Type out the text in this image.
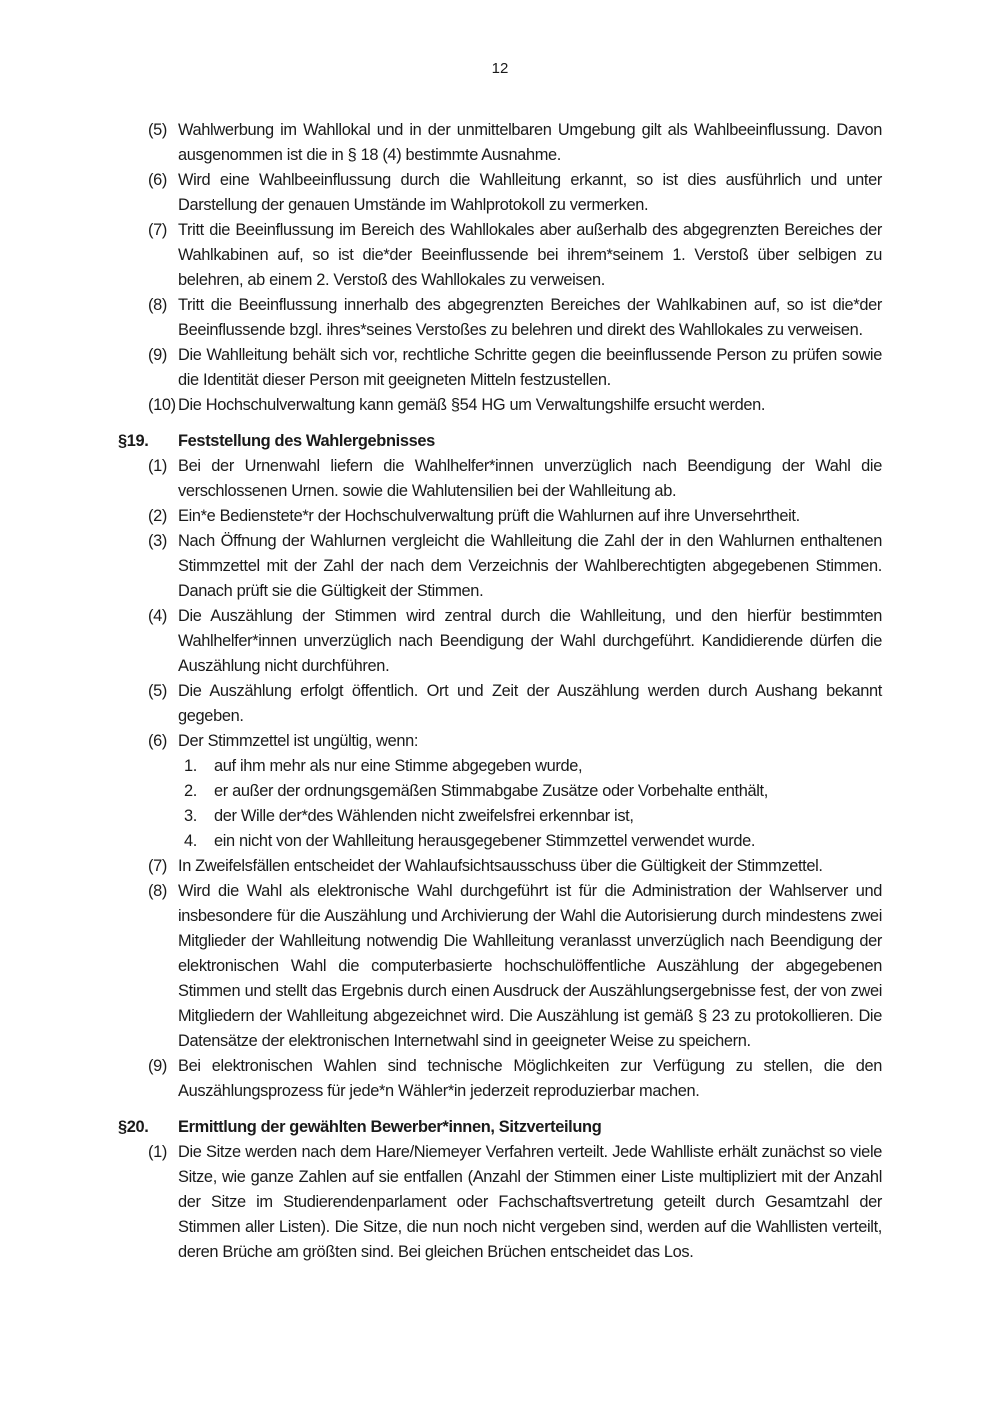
12
(5) Wahlwerbung im Wahllokal und in der unmittelbaren Umgebung gilt als Wahlbeeinflussung. Davon ausgenommen ist die in § 18 (4) bestimmte Ausnahme.
(6) Wird eine Wahlbeeinflussung durch die Wahlleitung erkannt, so ist dies ausführlich und unter Darstellung der genauen Umstände im Wahlprotokoll zu vermerken.
(7) Tritt die Beeinflussung im Bereich des Wahllokales aber außerhalb des abgegrenzten Bereiches der Wahlkabinen auf, so ist die*der Beeinflussende bei ihrem*seinem 1. Verstoß über selbigen zu belehren, ab einem 2. Verstoß des Wahllokales zu verweisen.
(8) Tritt die Beeinflussung innerhalb des abgegrenzten Bereiches der Wahlkabinen auf, so ist die*der Beeinflussende bzgl. ihres*seines Verstoßes zu belehren und direkt des Wahllokales zu verweisen.
(9) Die Wahlleitung behält sich vor, rechtliche Schritte gegen die beeinflussende Person zu prüfen sowie die Identität dieser Person mit geeigneten Mitteln festzustellen.
(10) Die Hochschulverwaltung kann gemäß §54 HG um Verwaltungshilfe ersucht werden.
§19. Feststellung des Wahlergebnisses
(1) Bei der Urnenwahl liefern die Wahlhelfer*innen unverzüglich nach Beendigung der Wahl die verschlossenen Urnen. sowie die Wahlutensilien bei der Wahlleitung ab.
(2) Ein*e Bedienstete*r der Hochschulverwaltung prüft die Wahlurnen auf ihre Unversehrtheit.
(3) Nach Öffnung der Wahlurnen vergleicht die Wahlleitung die Zahl der in den Wahlurnen enthaltenen Stimmzettel mit der Zahl der nach dem Verzeichnis der Wahlberechtigten abgegebenen Stimmen. Danach prüft sie die Gültigkeit der Stimmen.
(4) Die Auszählung der Stimmen wird zentral durch die Wahlleitung, und den hierfür bestimmten Wahlhelfer*innen unverzüglich nach Beendigung der Wahl durchgeführt. Kandidierende dürfen die Auszählung nicht durchführen.
(5) Die Auszählung erfolgt öffentlich. Ort und Zeit der Auszählung werden durch Aushang bekannt gegeben.
(6) Der Stimmzettel ist ungültig, wenn:
1. auf ihm mehr als nur eine Stimme abgegeben wurde,
2. er außer der ordnungsgemäßen Stimmabgabe Zusätze oder Vorbehalte enthält,
3. der Wille der*des Wählenden nicht zweifelsfrei erkennbar ist,
4. ein nicht von der Wahlleitung herausgegebener Stimmzettel verwendet wurde.
(7) In Zweifelsfällen entscheidet der Wahlaufsichtsausschuss über die Gültigkeit der Stimmzettel.
(8) Wird die Wahl als elektronische Wahl durchgeführt ist für die Administration der Wahlserver und insbesondere für die Auszählung und Archivierung der Wahl die Autorisierung durch mindestens zwei Mitglieder der Wahlleitung notwendig Die Wahlleitung veranlasst unverzüglich nach Beendigung der elektronischen Wahl die computerbasierte hochschulöffentliche Auszählung der abgegebenen Stimmen und stellt das Ergebnis durch einen Ausdruck der Auszählungsergebnisse fest, der von zwei Mitgliedern der Wahlleitung abgezeichnet wird. Die Auszählung ist gemäß § 23 zu protokollieren. Die Datensätze der elektronischen Internetwahl sind in geeigneter Weise zu speichern.
(9) Bei elektronischen Wahlen sind technische Möglichkeiten zur Verfügung zu stellen, die den Auszählungsprozess für jede*n Wähler*in jederzeit reproduzierbar machen.
§20. Ermittlung der gewählten Bewerber*innen, Sitzverteilung
(1) Die Sitze werden nach dem Hare/Niemeyer Verfahren verteilt. Jede Wahlliste erhält zunächst so viele Sitze, wie ganze Zahlen auf sie entfallen (Anzahl der Stimmen einer Liste multipliziert mit der Anzahl der Sitze im Studierendenparlament oder Fachschaftsvertretung geteilt durch Gesamtzahl der Stimmen aller Listen). Die Sitze, die nun noch nicht vergeben sind, werden auf die Wahllisten verteilt, deren Brüche am größten sind. Bei gleichen Brüchen entscheidet das Los.
